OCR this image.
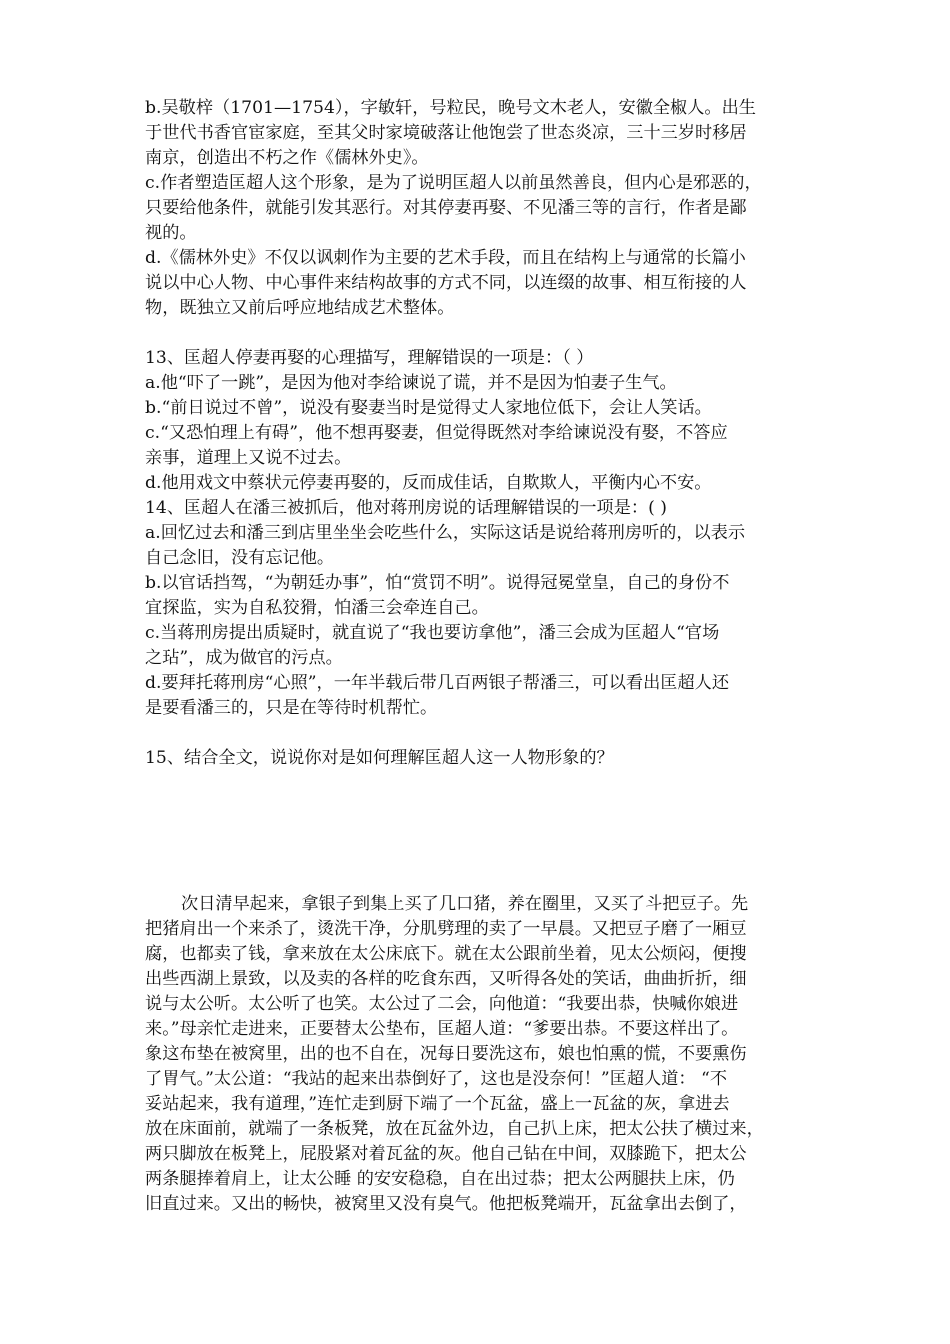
b.吴敬梓（1701—1754），字敏轩，号粒民，晚号文木老人，安徽全椒人。出生
于世代书香官宦家庭，至其父时家境破落让他饱尝了世态炎凉，三十三岁时移居
南京，创造出不朽之作《儒林外史》。
c.作者塑造匡超人这个形象，是为了说明匡超人以前虽然善良，但内心是邪恶的，
只要给他条件，就能引发其恶行。对其停妻再娶、不见潘三等的言行，作者是鄙
视的。
d.《儒林外史》不仅以讽刺作为主要的艺术手段，而且在结构上与通常的长篇小
说以中心人物、中心事件来结构故事的方式不同，以连缀的故事、相互衔接的人
物，既独立又前后呼应地结成艺术整体。
13、匡超人停妻再娶的心理描写，理解错误的一项是：（ ）
a.他“吓了一跳”，是因为他对李给谏说了谎，并不是因为怕妻子生气。
b.“前日说过不曾”，说没有娶妻当时是觉得丈人家地位低下，会让人笑话。
c.“又恐怕理上有碍”，他不想再娶妻，但觉得既然对李给谏说没有娶，不答应
亲事，道理上又说不过去。
d.他用戏文中蔡状元停妻再娶的，反而成佳话，自欺欺人，平衡内心不安。
14、匡超人在潘三被抓后，他对蒋刑房说的话理解错误的一项是：( )
a.回忆过去和潘三到店里坐坐会吃些什么，实际这话是说给蒋刑房听的，以表示
自己念旧，没有忘记他。
b.以官话挡驾，“为朝廷办事”，怕“赏罚不明”。说得冠冕堂皇，自己的身份不
宜探监，实为自私狡猾，怕潘三会牵连自己。
c.当蒋刑房提出质疑时，就直说了“我也要访拿他”，潘三会成为匡超人“官场
之玷”，成为做官的污点。
d.要拜托蒋刑房“心照”，一年半载后带几百两银子帮潘三，可以看出匡超人还
是要看潘三的，只是在等待时机帮忙。
15、结合全文，说说你对是如何理解匡超人这一人物形象的？
次日清早起来，拿银子到集上买了几口猪，养在圈里，又买了斗把豆子。先
把猪肩出一个来杀了，烫洗干净，分肌劈理的卖了一早晨。又把豆子磨了一厢豆
腐，也都卖了钱，拿来放在太公床底下。就在太公跟前坐着，见太公烦闷，便搜
出些西湖上景致，以及卖的各样的吃食东西，又听得各处的笑话，曲曲折折，细
说与太公听。太公听了也笑。太公过了二会，向他道：“我要出恭，快喊你娘进
来。”母亲忙走进来，正要替太公垫布，匡超人道：“爹要出恭。不要这样出了。
象这布垫在被窝里，出的也不自在，况每日要洗这布，娘也怕熏的慌，不要熏伤
了胃气。”太公道：“我站的起来出恭倒好了，这也是没奈何！”匡超人道： “不
妥站起来，我有道理，”连忙走到厨下端了一个瓦盆，盛上一瓦盆的灰，拿进去
放在床面前，就端了一条板凳，放在瓦盆外边，自己扒上床，把太公扶了横过来，
两只脚放在板凳上，屁股紧对着瓦盆的灰。他自己钻在中间，双膝跪下，把太公
两条腿捧着肩上，让太公睡 的安安稳稳，自在出过恭；把太公两腿扶上床，仍
旧直过来。又出的畅快，被窝里又没有臭气。他把板凳端开，瓦盆拿出去倒了，
